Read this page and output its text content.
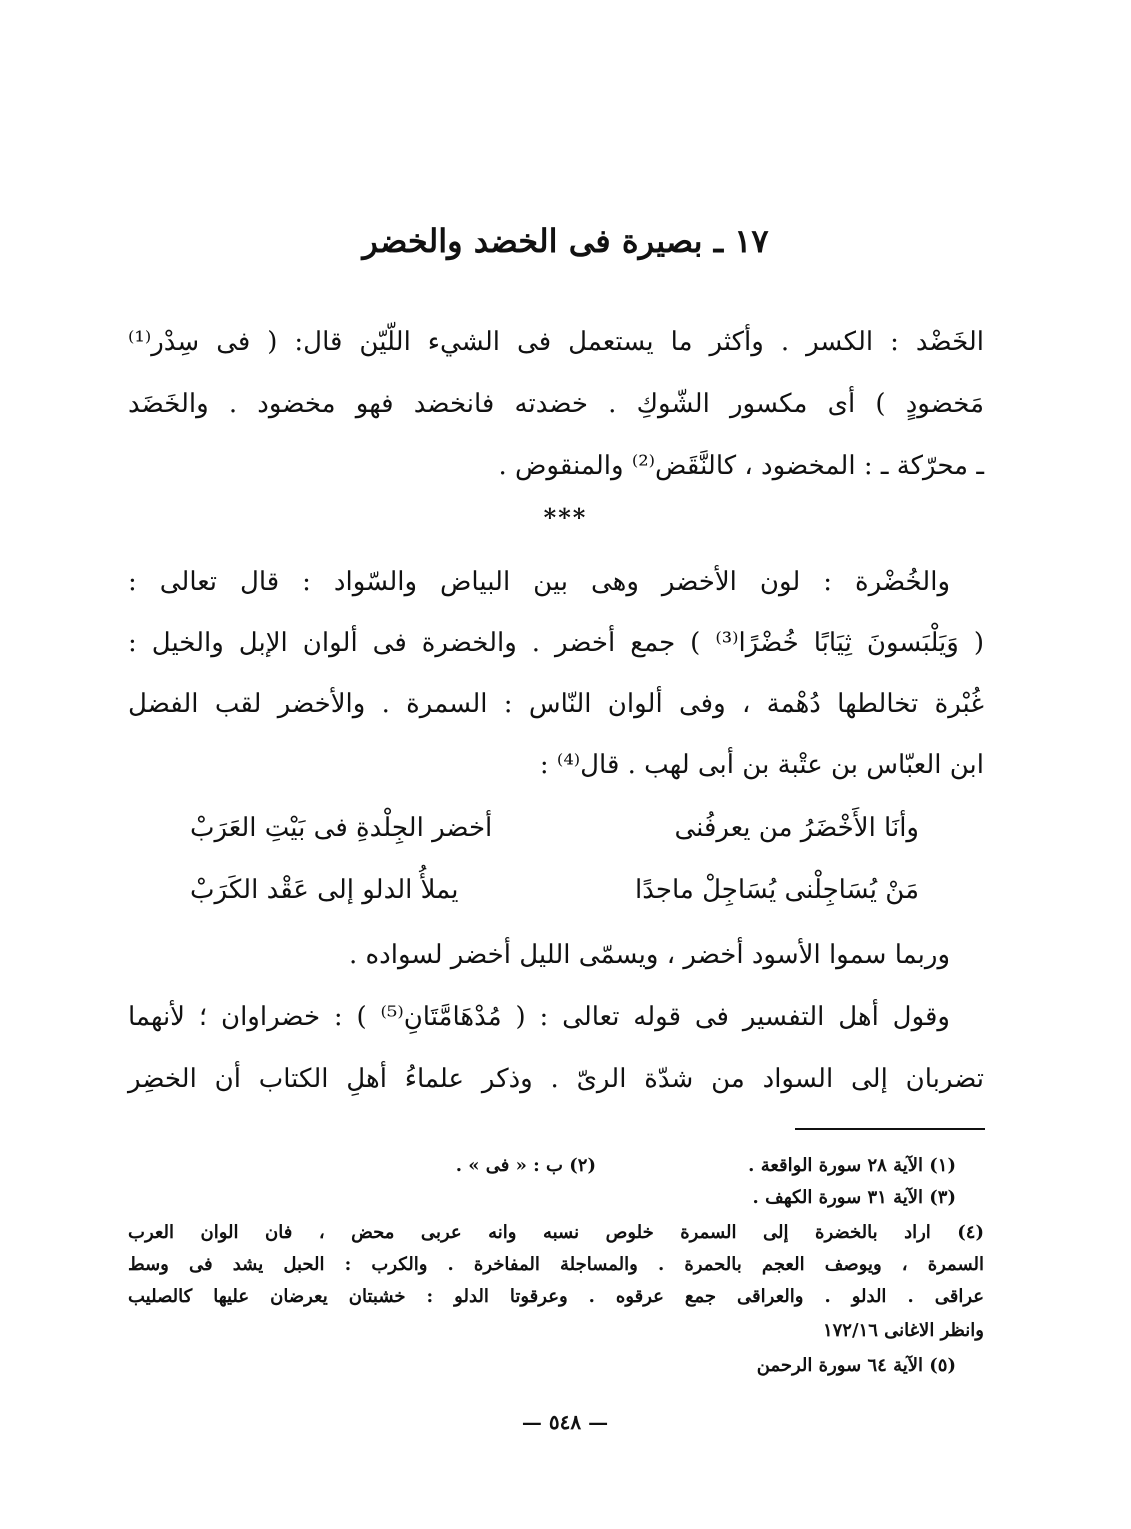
١٧ ـ بصيرة فى الخضد والخضر
الخَضْد : الكسر . وأكثر ما يستعمل فى الشيء اللّيّن قال: ( فى سِدْر⁽¹⁾
مَخضودٍ ) أى مكسور الشّوكِ . خضدته فانخضد فهو مخضود . والخَضَد
ـ محرّكة ـ : المخضود ، كالنَّقَض⁽²⁾ والمنقوض .
***
والخُضْرة : لون الأخضر وهى بين البياض والسّواد : قال تعالى :
( وَيَلْبَسونَ ثِيَابًا خُضْرًا⁽³⁾ ) جمع أخضر . والخضرة فى ألوان الإبل والخيل :
غُبْرة تخالطها دُهْمة ، وفى ألوان النّاس : السمرة . والأخضر لقب الفضل
ابن العبّاس بن عتْبة بن أبى لهب . قال⁽⁴⁾ :
وأنَا الأَخْضَرُ من يعرفُنى
أخضر الجِلْدةِ فى بَيْتِ العَرَبْ
مَنْ يُسَاجِلْنى يُسَاجِلْ ماجدًا
يملأُ الدلو إلى عَقْد الكَرَبْ
وربما سموا الأسود أخضر ، ويسمّى الليل أخضر لسواده .
وقول أهل التفسير فى قوله تعالى : ( مُدْهَامَّتَانِ⁽⁵⁾ ) : خضراوان ؛ لأنهما
تضربان إلى السواد من شدّة الرىّ . وذكر علماءُ أهلِ الكتاب أن الخضِر
(١) الآية ٢٨ سورة الواقعة .
(٢) ب : « فى » .
(٣) الآية ٣١ سورة الكهف .
(٤) اراد بالخضرة إلى السمرة خلوص نسبه وانه عربى محض ، فان الوان العرب
السمرة ، ويوصف العجم بالحمرة . والمساجلة المفاخرة . والكرب : الحبل يشد فى وسط
عراقى . الدلو . والعراقى جمع عرقوه . وعرقوتا الدلو : خشبتان يعرضان عليها كالصليب
وانظر الاغانى ١٧٢/١٦
(٥) الآية ٦٤ سورة الرحمن
— ٥٤٨ —
